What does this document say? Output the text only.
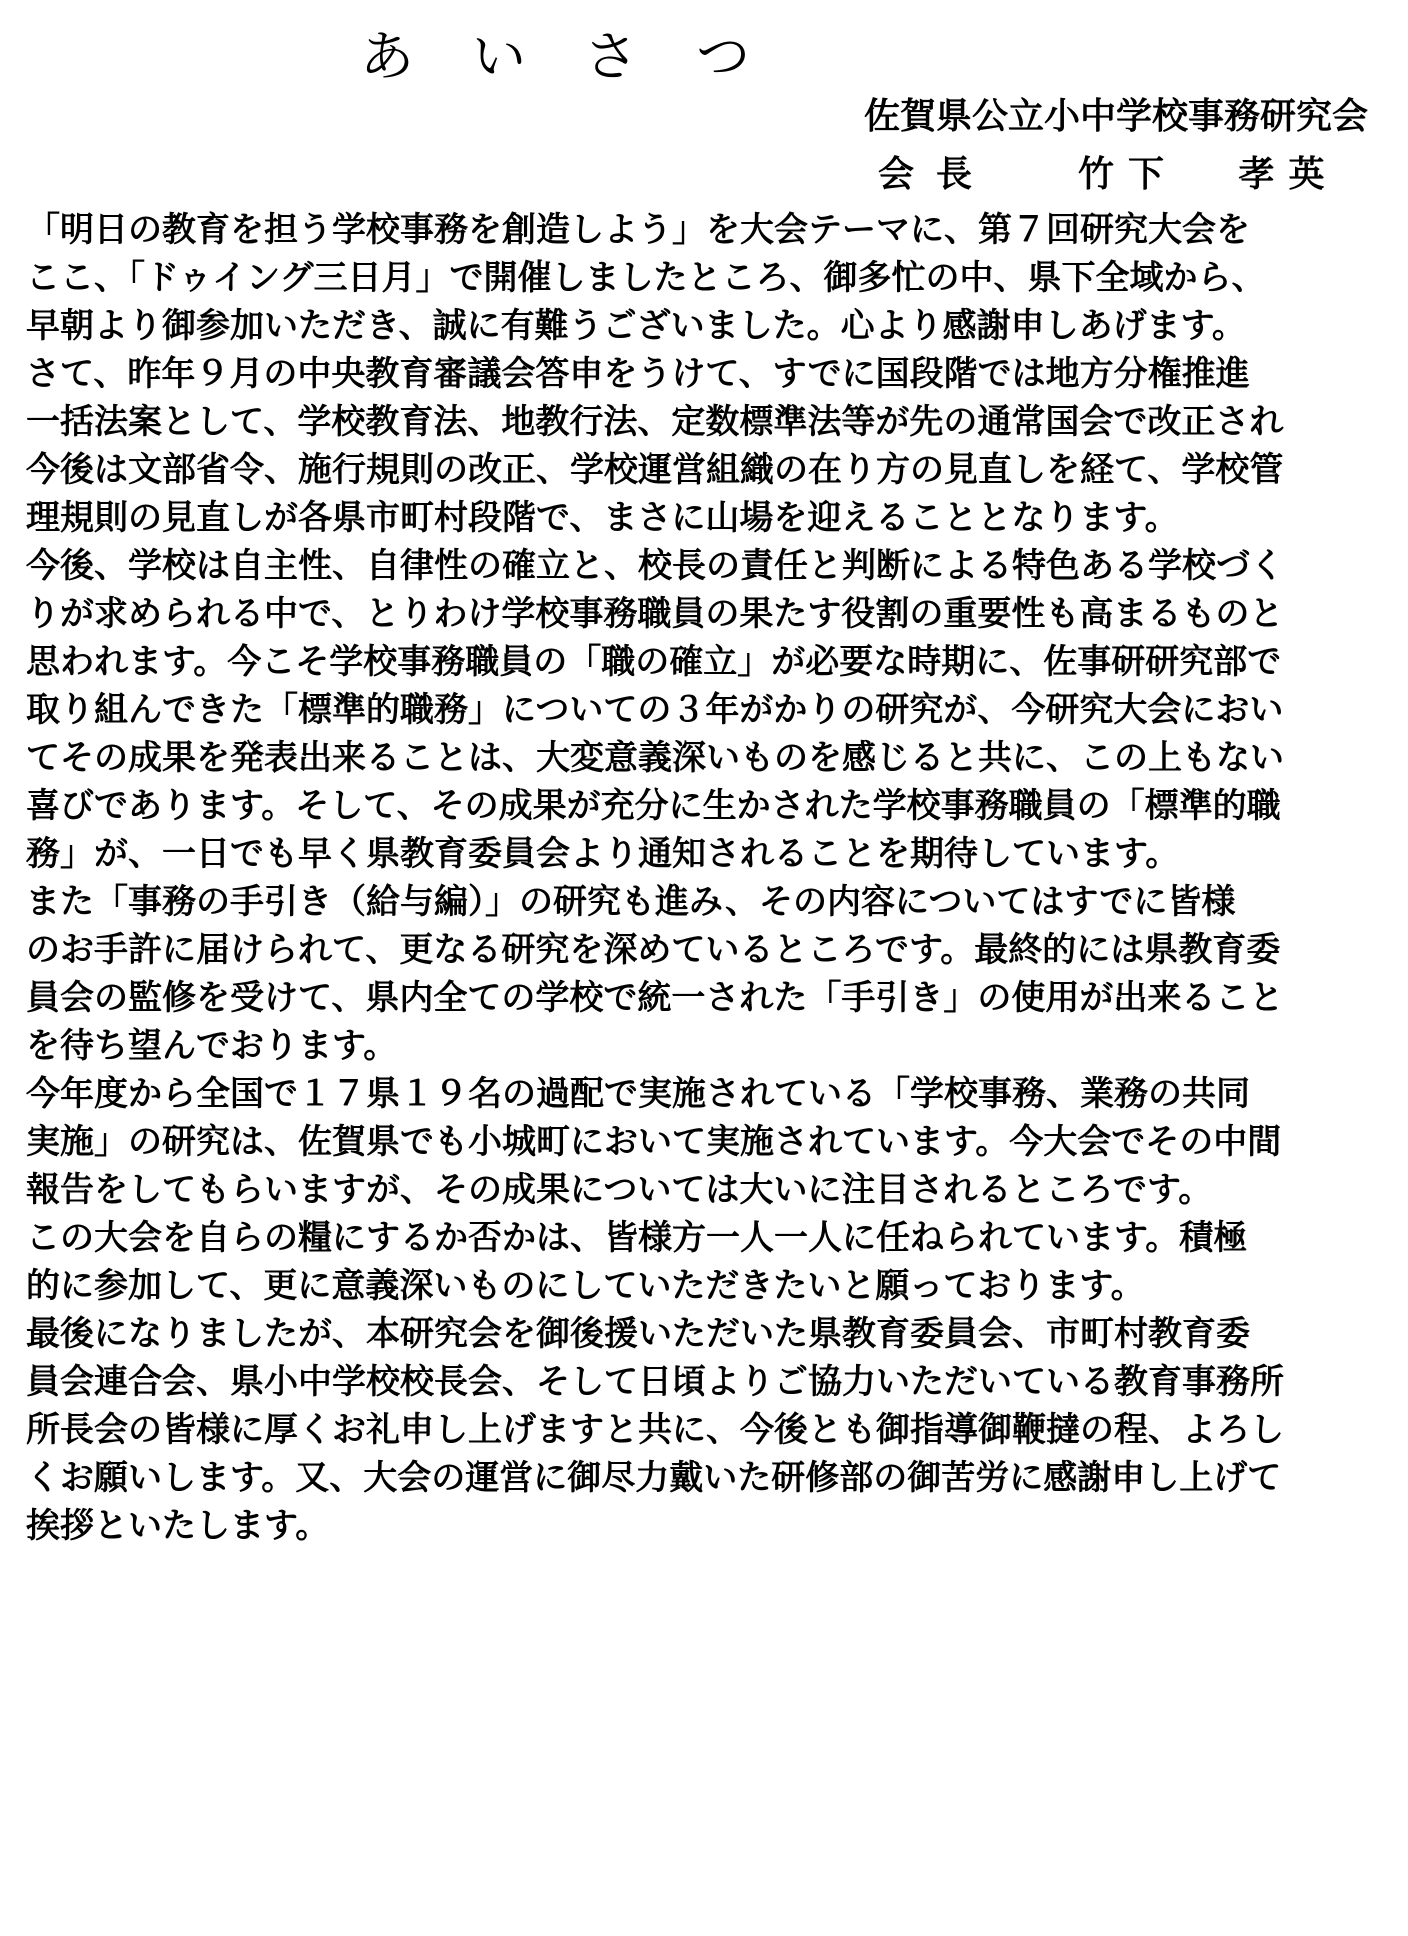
あいさつ
佐賀県公立小中学校事務研究会
会長 竹下 孝英
「明日の教育を担う学校事務を創造しよう」を大会テーマに、第７回研究大会を
ここ、「ドゥイング三日月」で開催しましたところ、御多忙の中、県下全域から、
早朝より御参加いただき、誠に有難うございました。心より感謝申しあげます。
さて、昨年９月の中央教育審議会答申をうけて、すでに国段階では地方分権推進
一括法案として、学校教育法、地教行法、定数標準法等が先の通常国会で改正され
今後は文部省令、施行規則の改正、学校運営組織の在り方の見直しを経て、学校管
理規則の見直しが各県市町村段階で、まさに山場を迎えることとなります。
今後、学校は自主性、自律性の確立と、校長の責任と判断による特色ある学校づく
りが求められる中で、とりわけ学校事務職員の果たす役割の重要性も高まるものと
思われます。今こそ学校事務職員の「職の確立」が必要な時期に、佐事研研究部で
取り組んできた「標準的職務」についての３年がかりの研究が、今研究大会におい
てその成果を発表出来ることは、大変意義深いものを感じると共に、この上もない
喜びであります。そして、その成果が充分に生かされた学校事務職員の「標準的職
務」が、一日でも早く県教育委員会より通知されることを期待しています。
また「事務の手引き（給与編）」の研究も進み、その内容についてはすでに皆様
のお手許に届けられて、更なる研究を深めているところです。最終的には県教育委
員会の監修を受けて、県内全ての学校で統一された「手引き」の使用が出来ること
を待ち望んでおります。
今年度から全国で１７県１９名の過配で実施されている「学校事務、業務の共同
実施」の研究は、佐賀県でも小城町において実施されています。今大会でその中間
報告をしてもらいますが、その成果については大いに注目されるところです。
この大会を自らの糧にするか否かは、皆様方一人一人に任ねられています。積極
的に参加して、更に意義深いものにしていただきたいと願っております。
最後になりましたが、本研究会を御後援いただいた県教育委員会、市町村教育委
員会連合会、県小中学校校長会、そして日頃よりご協力いただいている教育事務所
所長会の皆様に厚くお礼申し上げますと共に、今後とも御指導御鞭撻の程、よろし
くお願いします。又、大会の運営に御尽力戴いた研修部の御苦労に感謝申し上げて
挨拶といたします。
